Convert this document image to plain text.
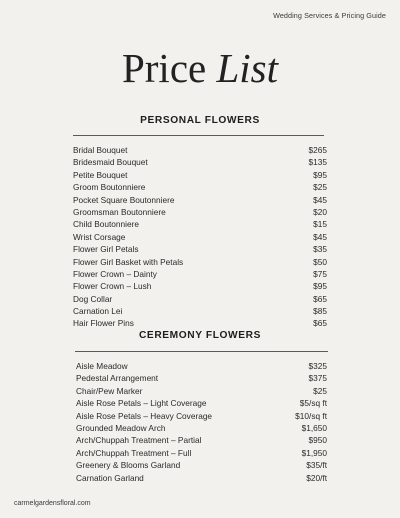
Wedding Services & Pricing Guide
Price List
PERSONAL FLOWERS
Bridal Bouquet	$265
Bridesmaid Bouquet	$135
Petite Bouquet	$95
Groom Boutonniere	$25
Pocket Square Boutonniere	$45
Groomsman Boutonniere	$20
Child Boutonniere	$15
Wrist Corsage	$45
Flower Girl Petals	$35
Flower Girl Basket with Petals	$50
Flower Crown – Dainty	$75
Flower Crown – Lush	$95
Dog Collar	$65
Carnation Lei	$85
Hair Flower Pins	$65
CEREMONY FLOWERS
Aisle Meadow	$325
Pedestal Arrangement	$375
Chair/Pew Marker	$25
Aisle Rose Petals – Light Coverage	$5/sq ft
Aisle Rose Petals – Heavy Coverage	$10/sq ft
Grounded Meadow Arch	$1,650
Arch/Chuppah Treatment – Partial	$950
Arch/Chuppah Treatment – Full	$1,950
Greenery & Blooms Garland	$35/ft
Carnation Garland	$20/ft
carmelgardensfloral.com
